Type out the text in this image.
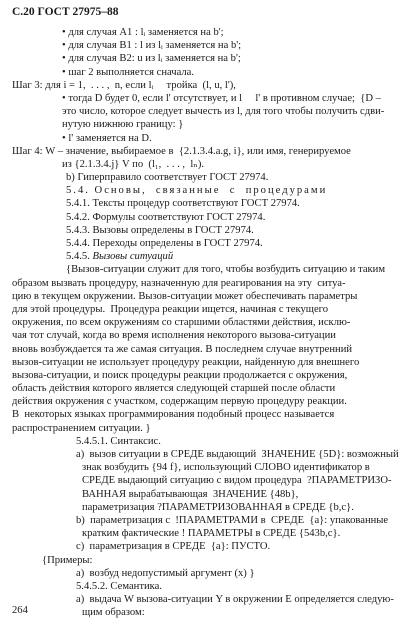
С.20 ГОСТ 27975–88
• для случая A1 : lᵢ заменяется на b';
• для случая B1 : l из lᵢ заменяется на b';
• для случая B2: u из lᵢ заменяется на b';
• шаг 2 выполняется сначала.
Шаг 3: для i = 1,  . . . ,  n, если lᵢ     тройка  (l, u, l'),
• тогда D будет 0, если l' отсутствует, и l     l' в противном случае;  {D –
это число, которое следует вычесть из l, для того чтобы получить сдви-
нутую нижнюю границу: }
• l' заменяется на D.
Шаг 4: W – значение, выбираемое в  {2.1.3.4.a.g, i}, или имя, генерируемое
из {2.1.3.4.j} V по  (l₁,  . . . ,  lₙ).
b) Гиперправило соответствует ГОСТ 27974.
5.4. Основы,  связанные  с  процедурами
5.4.1. Тексты процедур соответствуют ГОСТ 27974.
5.4.2. Формулы соответствуют ГОСТ 27974.
5.4.3. Вызовы определены в ГОСТ 27974.
5.4.4. Переходы определены в ГОСТ 27974.
5.4.5. Вызовы ситуаций
{Вызов-ситуации служит для того, чтобы возбудить ситуацию и таким
образом вызвать процедуру, назначенную для реагирования на эту  ситуа-
цию в текущем окружении. Вызов-ситуации может обеспечивать параметры
для этой процедуры.  Процедура реакции ищется, начиная с текущего
окружения, по всем окружениям со старшими областями действия, исклю-
чая тот случай, когда во время исполнения некоторого вызова-ситуации
вновь возбуждается та же самая ситуация. В последнем случае внутренний
вызов-ситуации не использует процедуру реакции, найденную для внешнего
вызова-ситуации, и поиск процедуры реакции продолжается с окружения,
область действия которого является следующей старшей после области
действия окружения с участком, содержащим первую процедуру реакции.
В  некоторых языках программирования подобный процесс называется
распространением ситуации. }
5.4.5.1. Синтаксис.
a)  вызов ситуации в СРЕДЕ выдающий  ЗНАЧЕНИЕ {5D}: возможный
знак возбудить {94 f}, использующий СЛОВО идентификатор в
СРЕДЕ выдающий ситуацию с видом процедура  ?ПАРАМЕТРИЗО-
ВАННАЯ вырабатывающая  ЗНАЧЕНИЕ {48b},
параметризация ?ПАРАМЕТРИЗОВАННАЯ в СРЕДЕ {b,c}.
b)  параметризация с  !ПАРАМЕТРАМИ в  СРЕДЕ  {a}: упакованные
кратким фактические ! ПАРАМЕТРЫ в СРЕДЕ {543b,c}.
c)  параметризация в СРЕДЕ  {a}: ПУСТО.
{Примеры:
a)  возбуд недопустимый аргумент (x) }
5.4.5.2. Семантика.
a)  выдача W вызова-ситуации Y в окружении E определяется следую-
щим образом:
264
